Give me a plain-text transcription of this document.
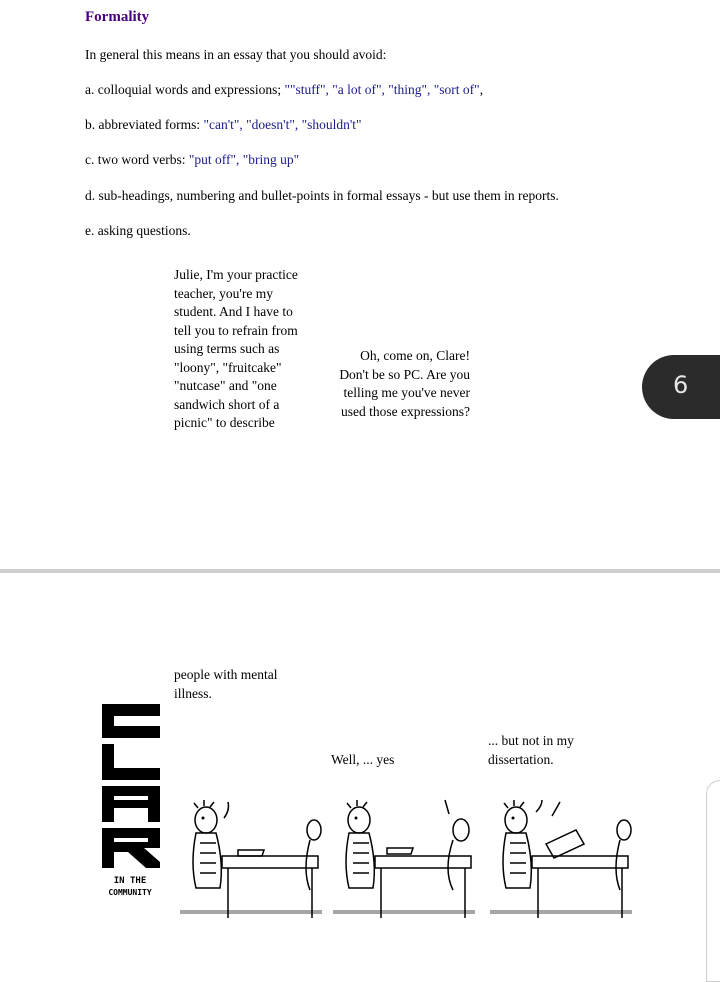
Formality
In general this means in an essay that you should avoid:
a. colloquial words and expressions; ""stuff", "a lot of", "thing", "sort of",
b. abbreviated forms: "can't", "doesn't", "shouldn't"
c. two word verbs: "put off", "bring up"
d. sub-headings, numbering and bullet-points in formal essays - but use them in reports.
e. asking questions.
Julie, I'm your practice
teacher, you're my
student. And I have to
tell you to refrain from
using terms such as
"loony", "fruitcake"
"nutcase" and "one
sandwich short of a
picnic" to describe
Oh, come on, Clare!
Don't be so PC. Are you
telling me you've never
used those expressions?
6
people with mental
illness.
Well, ... yes
... but not in my
dissertation.
IN THE
COMMUNITY
